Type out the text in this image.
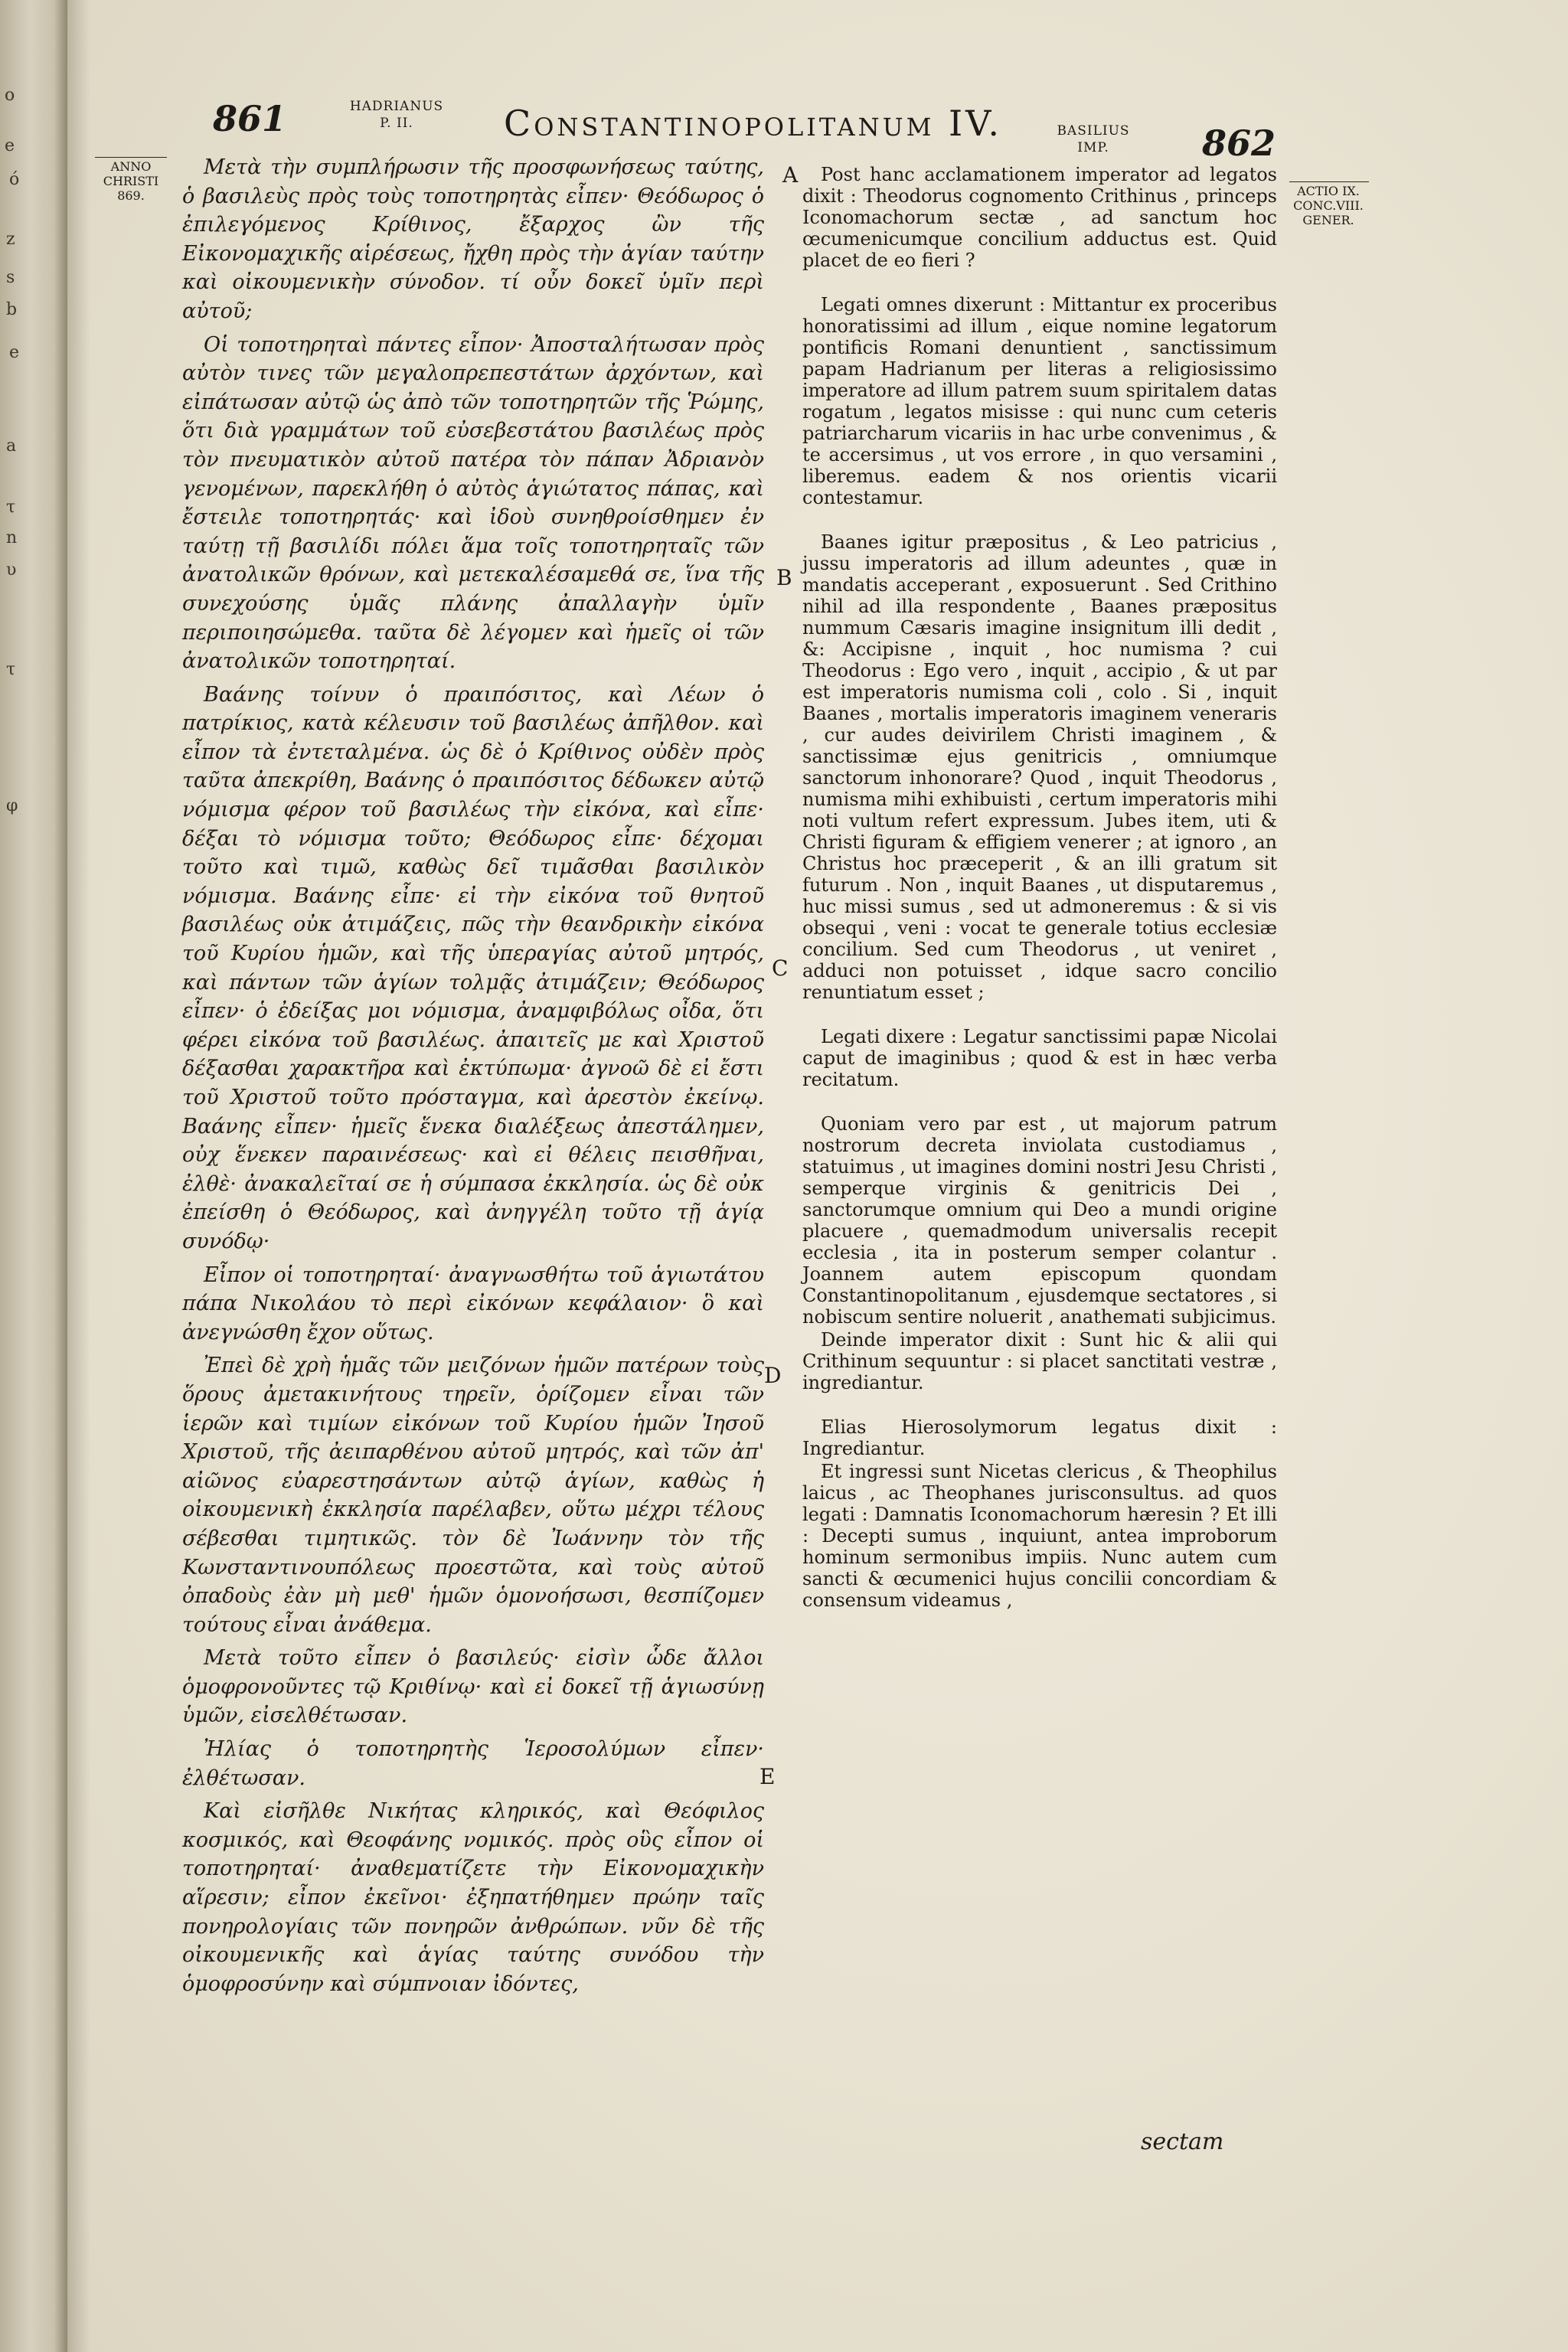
o
e
ó
z
s
b
e
a
τ
n
υ
τ
φ
861	HADRIANUS
P. II.	Constantinopolitanum IV.	BASILIUS
IMP.	862
ANNO
CHRISTI
869.	ACTIO IX.
CONC.VIII.
GENER.
A
B
C
D
E

Μετὰ τὴν συμπλήρωσιν τῆς προσφωνήσεως ταύτης, ὁ βασιλεὺς πρὸς τοὺς τοποτηρητὰς εἶπεν· Θεόδωρος ὁ ἐπιλεγόμενος Κρίθινος, ἔξαρχος ὢν τῆς Εἰκονομαχικῆς αἱρέσεως, ἤχθη πρὸς τὴν ἁγίαν ταύτην καὶ οἰκουμενικὴν σύνοδον. τί οὖν δοκεῖ ὑμῖν περὶ αὐτοῦ;

Οἱ τοποτηρηταὶ πάντες εἶπον· Ἀποσταλήτωσαν πρὸς αὐτὸν τινες τῶν μεγαλοπρεπεστάτων ἀρχόντων, καὶ εἰπάτωσαν αὐτῷ ὡς ἀπὸ τῶν τοποτηρητῶν τῆς Ῥώμης, ὅτι διὰ γραμμάτων τοῦ εὐσεβεστάτου βασιλέως πρὸς τὸν πνευματικὸν αὐτοῦ πατέρα τὸν πάπαν Ἀδριανὸν γενομένων, παρεκλήθη ὁ αὐτὸς ἁγιώτατος πάπας, καὶ ἔστειλε τοποτηρητάς· καὶ ἰδοὺ συνηθροίσθημεν ἐν ταύτῃ τῇ βασιλίδι πόλει ἅμα τοῖς τοποτηρηταῖς τῶν ἀνατολικῶν θρόνων, καὶ μετεκαλέσαμεθά σε, ἵνα τῆς συνεχούσης ὑμᾶς πλάνης ἀπαλλαγὴν ὑμῖν περιποιησώμεθα. ταῦτα δὲ λέγομεν καὶ ἡμεῖς οἱ τῶν ἀνατολικῶν τοποτηρηταί.

Βαάνης τοίνυν ὁ πραιπόσιτος, καὶ Λέων ὁ πατρίκιος, κατὰ κέλευσιν τοῦ βασιλέως ἀπῆλθον. καὶ εἶπον τὰ ἐντεταλμένα. ὡς δὲ ὁ Κρίθινος οὐδὲν πρὸς ταῦτα ἀπεκρίθη, Βαάνης ὁ πραιπόσιτος δέδωκεν αὐτῷ νόμισμα φέρον τοῦ βασιλέως τὴν εἰκόνα, καὶ εἶπε· δέξαι τὸ νόμισμα τοῦτο; Θεόδωρος εἶπε· δέχομαι τοῦτο καὶ τιμῶ, καθὼς δεῖ τιμᾶσθαι βασιλικὸν νόμισμα. Βαάνης εἶπε· εἰ τὴν εἰκόνα τοῦ θνητοῦ βασιλέως οὐκ ἀτιμάζεις, πῶς τὴν θεανδρικὴν εἰκόνα τοῦ Κυρίου ἡμῶν, καὶ τῆς ὑπεραγίας αὐτοῦ μητρός, καὶ πάντων τῶν ἁγίων τολμᾷς ἀτιμάζειν; Θεόδωρος εἶπεν· ὁ ἐδείξας μοι νόμισμα, ἀναμφιβόλως οἶδα, ὅτι φέρει εἰκόνα τοῦ βασιλέως. ἀπαιτεῖς με καὶ Χριστοῦ δέξασθαι χαρακτῆρα καὶ ἐκτύπωμα· ἀγνοῶ δὲ εἰ ἔστι τοῦ Χριστοῦ τοῦτο πρόσταγμα, καὶ ἀρεστὸν ἐκείνῳ. Βαάνης εἶπεν· ἡμεῖς ἕνεκα διαλέξεως ἀπεστάλημεν, οὐχ ἕνεκεν παραινέσεως· καὶ εἰ θέλεις πεισθῆναι, ἐλθὲ· ἀνακαλεῖταί σε ἡ σύμπασα ἐκκλησία. ὡς δὲ οὐκ ἐπείσθη ὁ Θεόδωρος, καὶ ἀνηγγέλη τοῦτο τῇ ἁγίᾳ συνόδῳ·

Εἶπον οἱ τοποτηρηταί· ἀναγνωσθήτω τοῦ ἁγιωτάτου πάπα Νικολάου τὸ περὶ εἰκόνων κεφάλαιον· ὃ καὶ ἀνεγνώσθη ἔχον οὕτως.

Ἐπεὶ δὲ χρὴ ἡμᾶς τῶν μειζόνων ἡμῶν πατέρων τοὺς ὅρους ἀμετακινήτους τηρεῖν, ὁρίζομεν εἶναι τῶν ἱερῶν καὶ τιμίων εἰκόνων τοῦ Κυρίου ἡμῶν Ἰησοῦ Χριστοῦ, τῆς ἀειπαρθένου αὐτοῦ μητρός, καὶ τῶν ἀπ' αἰῶνος εὐαρεστησάντων αὐτῷ ἁγίων, καθὼς ἡ οἰκουμενικὴ ἐκκλησία παρέλαβεν, οὕτω μέχρι τέλους σέβεσθαι τιμητικῶς. τὸν δὲ Ἰωάννην τὸν τῆς Κωνσταντινουπόλεως προεστῶτα, καὶ τοὺς αὐτοῦ ὀπαδοὺς ἐὰν μὴ μεθ' ἡμῶν ὁμονοήσωσι, θεσπίζομεν τούτους εἶναι ἀνάθεμα.

Μετὰ τοῦτο εἶπεν ὁ βασιλεύς· εἰσὶν ὧδε ἄλλοι ὁμοφρονοῦντες τῷ Κριθίνῳ· καὶ εἰ δοκεῖ τῇ ἁγιωσύνῃ ὑμῶν, εἰσελθέτωσαν.

Ἠλίας ὁ τοποτηρητὴς Ἱεροσολύμων εἶπεν· ἐλθέτωσαν.

Καὶ εἰσῆλθε Νικήτας κληρικός, καὶ Θεόφιλος κοσμικός, καὶ Θεοφάνης νομικός. πρὸς οὓς εἶπον οἱ τοποτηρηταί· ἀναθεματίζετε τὴν Εἰκονομαχικὴν αἵρεσιν; εἶπον ἐκεῖνοι· ἐξηπατήθημεν πρώην ταῖς πονηρολογίαις τῶν πονηρῶν ἀνθρώπων. νῦν δὲ τῆς οἰκουμενικῆς καὶ ἁγίας ταύτης συνόδου τὴν ὁμοφροσύνην καὶ σύμπνοιαν ἰδόντες,

Post hanc acclamationem imperator ad legatos dixit : Theodorus cognomento Crithinus , princeps Iconomachorum sectæ , ad sanctum hoc œcumenicumque concilium adductus est. Quid placet de eo fieri ?

Legati omnes dixerunt : Mittantur ex proceribus honoratissimi ad illum , eique nomine legatorum pontificis Romani denuntient , sanctissimum papam Hadrianum per literas a religiosissimo imperatore ad illum patrem suum spiritalem datas rogatum , legatos misisse : qui nunc cum ceteris patriarcharum vicariis in hac urbe convenimus , & te accersimus , ut vos errore , in quo versamini , liberemus. eadem & nos orientis vicarii contestamur.

Baanes igitur præpositus , & Leo patricius , jussu imperatoris ad illum adeuntes , quæ in mandatis acceperant , exposuerunt . Sed Crithino nihil ad illa respondente , Baanes præpositus nummum Cæsaris imagine insignitum illi dedit , &: Accipisne , inquit , hoc numisma ? cui Theodorus : Ego vero , inquit , accipio , & ut par est imperatoris numisma coli , colo . Si , inquit Baanes , mortalis imperatoris imaginem veneraris , cur audes deivirilem Christi imaginem , & sanctissimæ ejus genitricis , omniumque sanctorum inhonorare? Quod , inquit Theodorus , numisma mihi exhibuisti , certum imperatoris mihi noti vultum refert expressum. Jubes item, uti & Christi figuram & effigiem venerer ; at ignoro , an Christus hoc præceperit , & an illi gratum sit futurum . Non , inquit Baanes , ut disputaremus , huc missi sumus , sed ut admoneremus : & si vis obsequi , veni : vocat te generale totius ecclesiæ concilium. Sed cum Theodorus , ut veniret , adduci non potuisset , idque sacro concilio renuntiatum esset ;

Legati dixere : Legatur sanctissimi papæ Nicolai caput de imaginibus ; quod & est in hæc verba recitatum.

Quoniam vero par est , ut majorum patrum nostrorum decreta inviolata custodiamus , statuimus , ut imagines domini nostri Jesu Christi , semperque virginis & genitricis Dei , sanctorumque omnium qui Deo a mundi origine placuere , quemadmodum universalis recepit ecclesia , ita in posterum semper colantur . Joannem autem episcopum quondam Constantinopolitanum , ejusdemque sectatores , si nobiscum sentire noluerit , anathemati subjicimus.

Deinde imperator dixit : Sunt hic & alii qui Crithinum sequuntur : si placet sanctitati vestræ , ingrediantur.

Elias Hierosolymorum legatus dixit : Ingrediantur.

Et ingressi sunt Nicetas clericus , & Theophilus laicus , ac Theophanes jurisconsultus. ad quos legati : Damnatis Iconomachorum hæresin ? Et illi : Decepti sumus , inquiunt, antea improborum hominum sermonibus impiis. Nunc autem cum sancti & œcumenici hujus concilii concordiam & consensum videamus ,

sectam
